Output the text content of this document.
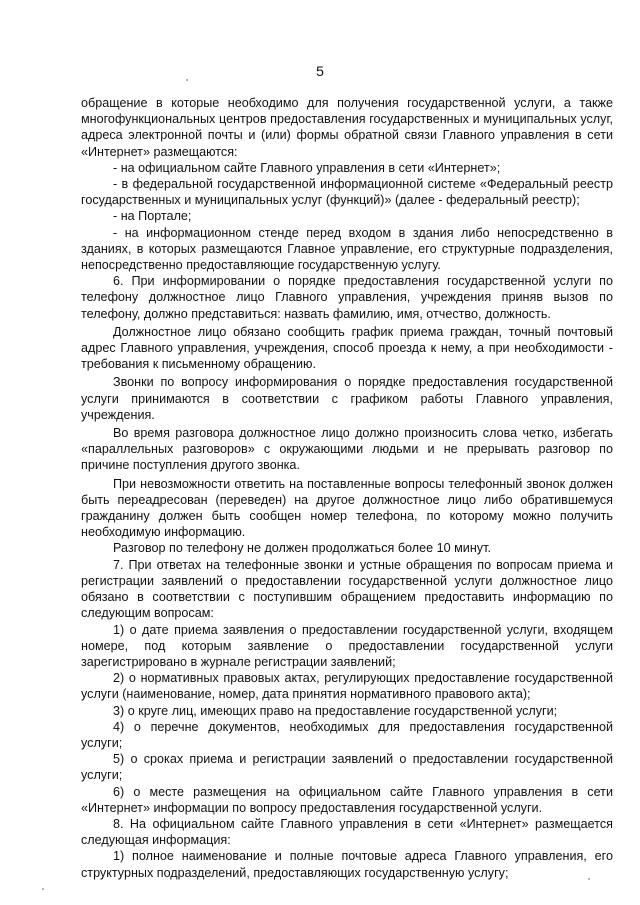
5

обращение в которые необходимо для получения государственной услуги, а также многофункциональных центров предоставления государственных и муниципальных услуг, адреса электронной почты и (или) формы обратной связи Главного управления в сети «Интернет» размещаются:

- на официальном сайте Главного управления в сети «Интернет»;

- в федеральной государственной информационной системе «Федеральный реестр государственных и муниципальных услуг (функций)» (далее - федеральный реестр);

- на Портале;

- на информационном стенде перед входом в здания либо непосредственно в зданиях, в которых размещаются Главное управление, его структурные подразделения, непосредственно предоставляющие государственную услугу.

6. При информировании о порядке предоставления государственной услуги по телефону должностное лицо Главного управления, учреждения приняв вызов по телефону, должно представиться: назвать фамилию, имя, отчество, должность.

Должностное лицо обязано сообщить график приема граждан, точный почтовый адрес Главного управления, учреждения, способ проезда к нему, а при необходимости - требования к письменному обращению.

Звонки по вопросу информирования о порядке предоставления государственной услуги принимаются в соответствии с графиком работы Главного управления, учреждения.

Во время разговора должностное лицо должно произносить слова четко, избегать «параллельных разговоров» с окружающими людьми и не прерывать разговор по причине поступления другого звонка.

При невозможности ответить на поставленные вопросы телефонный звонок должен быть переадресован (переведен) на другое должностное лицо либо обратившемуся гражданину должен быть сообщен номер телефона, по которому можно получить необходимую информацию.

Разговор по телефону не должен продолжаться более 10 минут.

7. При ответах на телефонные звонки и устные обращения по вопросам приема и регистрации заявлений о предоставлении государственной услуги должностное лицо обязано в соответствии с поступившим обращением предоставить информацию по следующим вопросам:

1) о дате приема заявления о предоставлении государственной услуги, входящем номере, под которым заявление о предоставлении государственной услуги зарегистрировано в журнале регистрации заявлений;

2) о нормативных правовых актах, регулирующих предоставление государственной услуги (наименование, номер, дата принятия нормативного правового акта);

3) о круге лиц, имеющих право на предоставление государственной услуги;

4) о перечне документов, необходимых для предоставления государственной услуги;

5) о сроках приема и регистрации заявлений о предоставлении государственной услуги;

6) о месте размещения на официальном сайте Главного управления в сети «Интернет» информации по вопросу предоставления государственной услуги.

8. На официальном сайте Главного управления в сети «Интернет» размещается следующая информация:

1) полное наименование и полные почтовые адреса Главного управления, его структурных подразделений, предоставляющих государственную услугу;
